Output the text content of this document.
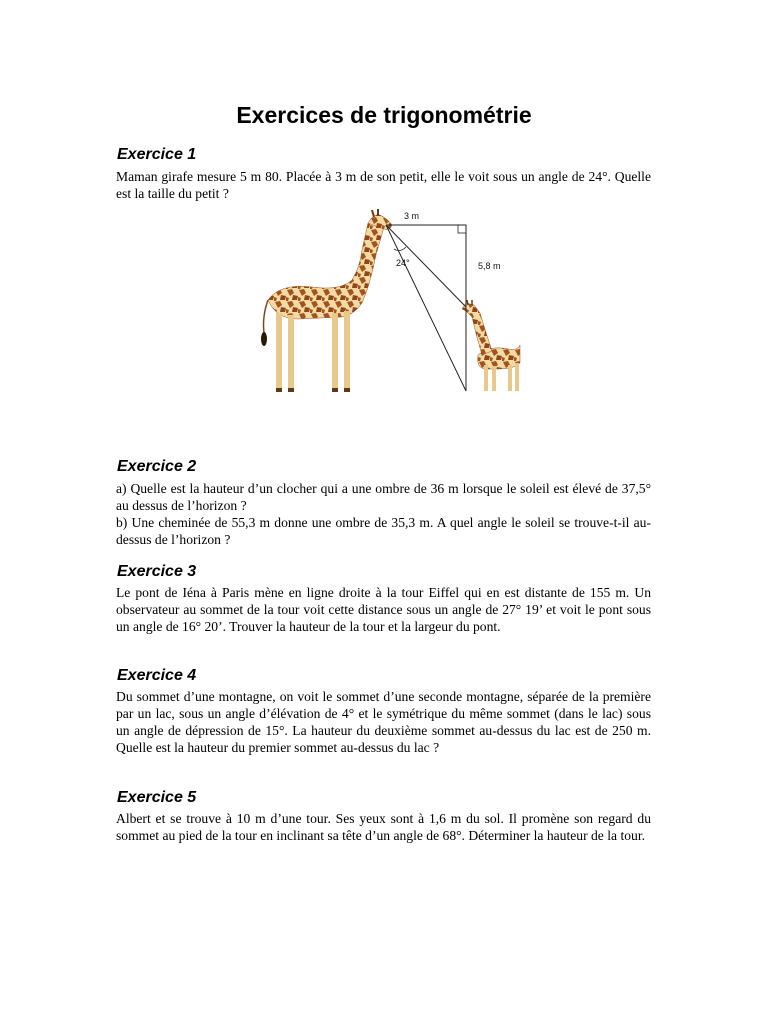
Exercices de trigonométrie
Exercice 1
Maman girafe mesure 5 m 80. Placée à 3 m de son petit, elle le voit sous un angle de 24°. Quelle est la taille du petit ?
3 m
5,8 m
24°
Exercice 2
a) Quelle est la hauteur d’un clocher qui a une ombre de 36 m lorsque le soleil est élevé de 37,5° au dessus de l’horizon ?
b) Une cheminée de 55,3 m donne une ombre de 35,3 m. A quel angle le soleil se trouve-t-il au-dessus de l’horizon ?
Exercice 3
Le pont de Iéna à Paris mène en ligne droite à la tour Eiffel qui en est distante de 155 m. Un observateur au sommet de la tour voit cette distance sous un angle de 27° 19’ et voit le pont sous un angle de 16° 20’. Trouver la hauteur de la tour et la largeur du pont.
Exercice 4
Du sommet d’une montagne, on voit le sommet d’une seconde montagne, séparée de la première par un lac, sous un angle d’élévation de 4° et le symétrique du même sommet (dans le lac) sous un angle de dépression de 15°. La hauteur du deuxième sommet au-dessus du lac est de 250 m. Quelle est la hauteur du premier sommet au-dessus du lac ?
Exercice 5
Albert et se trouve à 10 m d’une tour. Ses yeux sont à 1,6 m du sol. Il promène son regard du sommet au pied de la tour en inclinant sa tête d’un angle de 68°. Déterminer la hauteur de la tour.
